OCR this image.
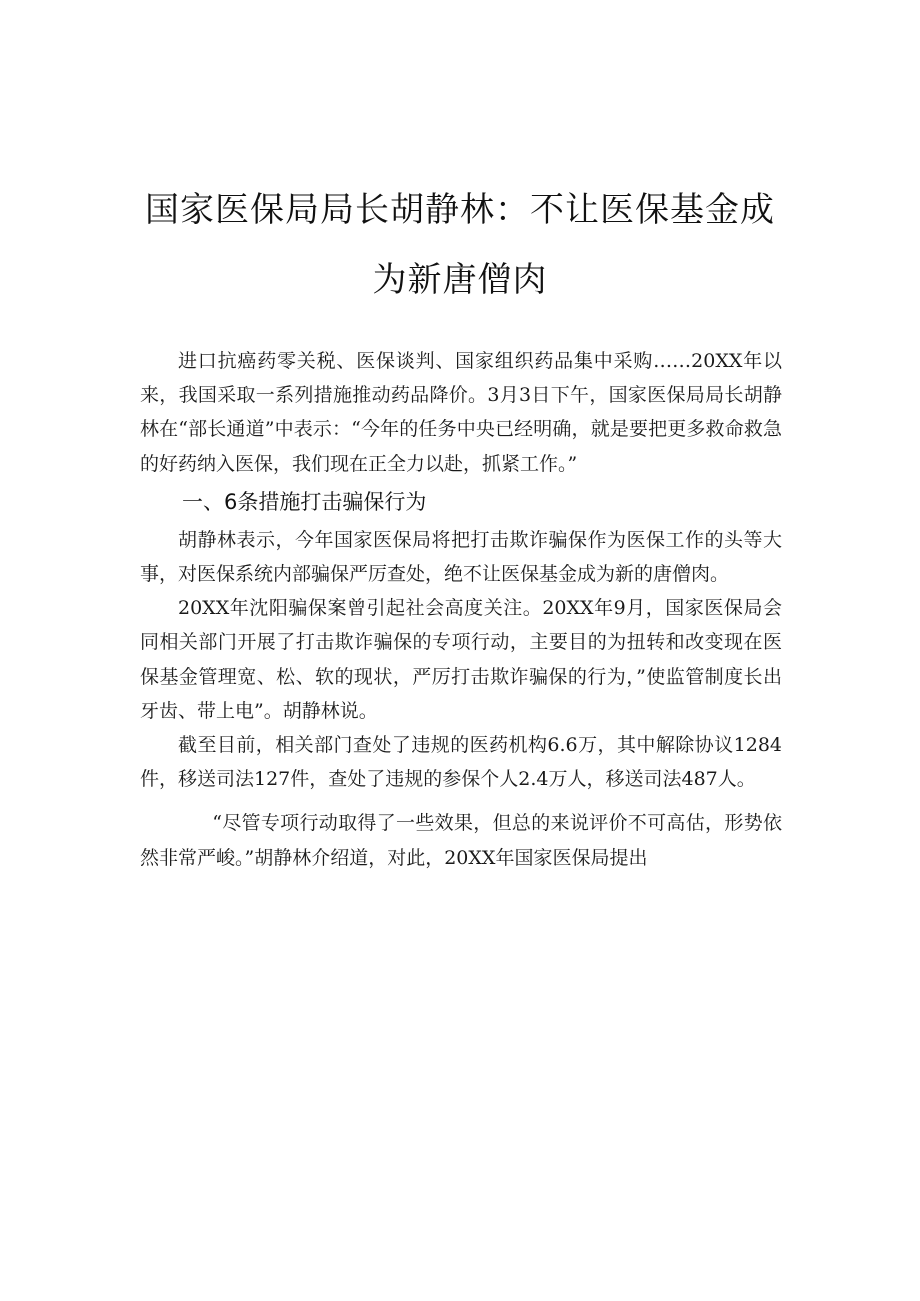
国家医保局局长胡静林：不让医保基金成
为新唐僧肉

进口抗癌药零关税、医保谈判、国家组织药品集中采购……20XX年以来，我国采取一系列措施推动药品降价。3月3日下午，国家医保局局长胡静林在“部长通道”中表示：“今年的任务中央已经明确，就是要把更多救命救急的好药纳入医保，我们现在正全力以赴，抓紧工作。”

一、6条措施打击骗保行为

胡静林表示，今年国家医保局将把打击欺诈骗保作为医保工作的头等大事，对医保系统内部骗保严厉查处，绝不让医保基金成为新的唐僧肉。

20XX年沈阳骗保案曾引起社会高度关注。20XX年9月，国家医保局会同相关部门开展了打击欺诈骗保的专项行动，主要目的为扭转和改变现在医保基金管理宽、松、软的现状，严厉打击欺诈骗保的行为，”使监管制度长出牙齿、带上电”。胡静林说。

截至目前，相关部门查处了违规的医药机构6.6万，其中解除协议1284件，移送司法127件，查处了违规的参保个人2.4万人，移送司法487人。

“尽管专项行动取得了一些效果，但总的来说评价不可高估，形势依然非常严峻。”胡静林介绍道，对此，20XX年国家医保局提出
